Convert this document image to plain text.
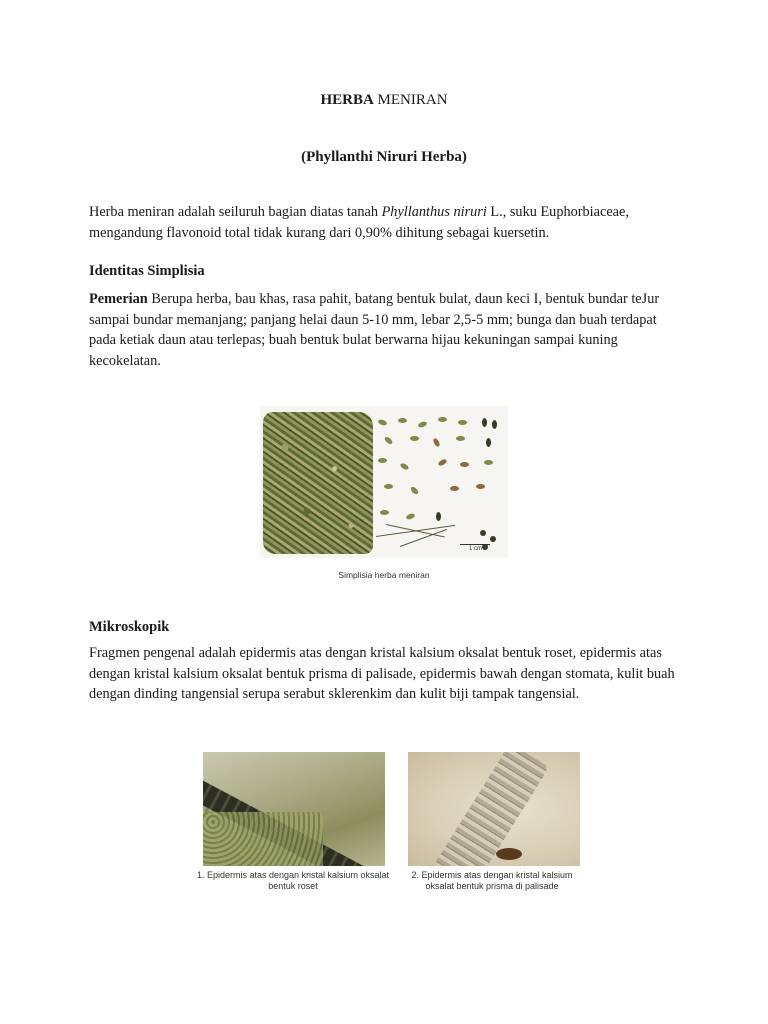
HERBA MENIRAN
(Phyllanthi Niruri Herba)
Herba meniran adalah seiluruh bagian diatas tanah Phyllanthus niruri L., suku Euphorbiaceae, mengandung flavonoid total tidak kurang dari 0,90% dihitung sebagai kuersetin.
Identitas Simplisia
Pemerian Berupa herba, bau khas, rasa pahit, batang bentuk bulat, daun keci I, bentuk bundar teJur sampai bundar memanjang; panjang helai daun 5-10 mm, lebar 2,5-5 mm; bunga dan buah terdapat pada ketiak daun atau terlepas; buah bentuk bulat berwarna hijau kekuningan sampai kuning kecokelatan.
1 cm
Simplisia herba meniran
Mikroskopik
Fragmen pengenal adalah epidermis atas dengan kristal kalsium oksalat bentuk roset, epidermis atas dengan kristal kalsium oksalat bentuk prisma di palisade, epidermis bawah dengan stomata, kulit buah dengan dinding tangensial serupa serabut sklerenkim dan kulit biji tampak tangensial.
1. Epidermis atas dengan kristal kalsium oksalat
bentuk roset
2. Epidermis atas dengan kristal kalsium
oksalat bentuk prisma di palisade
